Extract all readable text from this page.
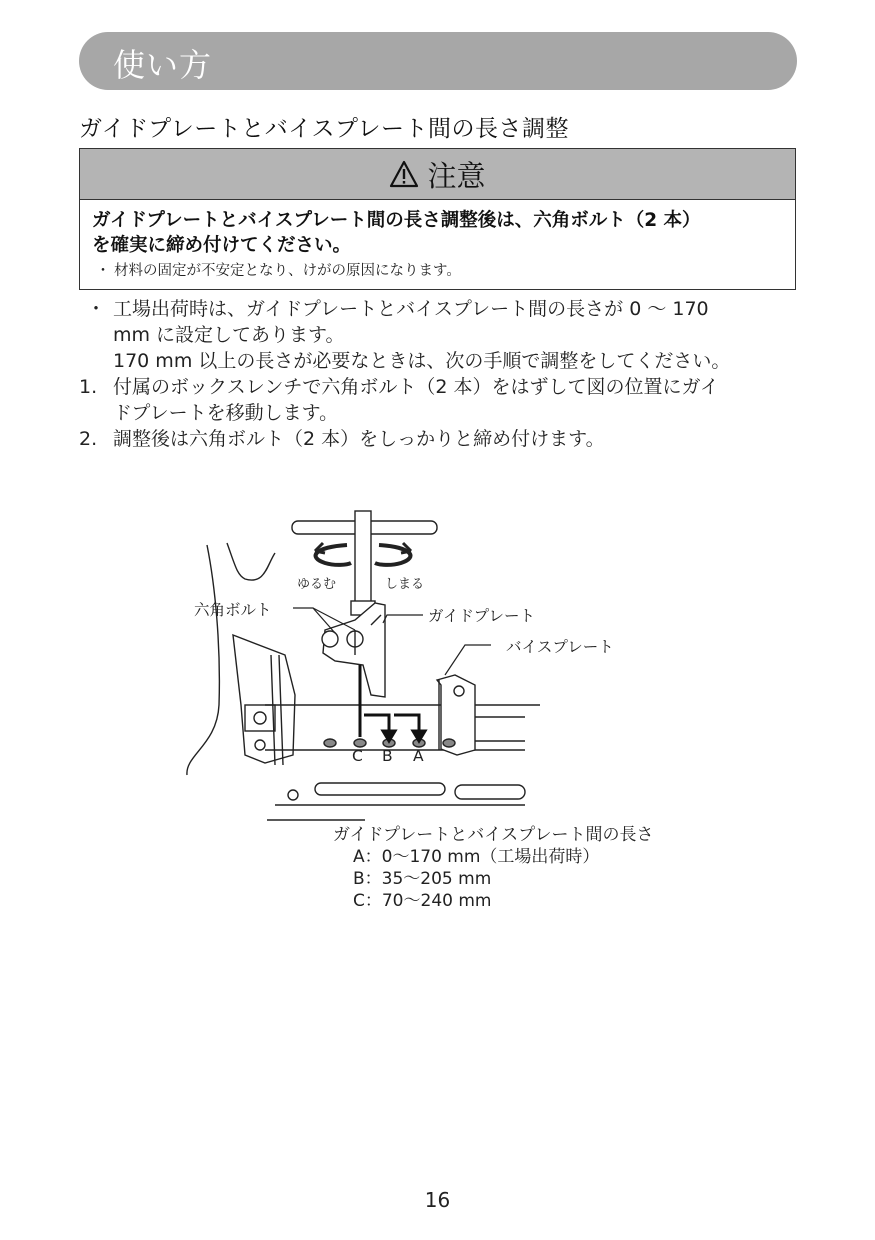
使い方
ガイドプレートとバイスプレート間の長さ調整
注意
ガイドプレートとバイスプレート間の長さ調整後は、六角ボルト（2 本）
を確実に締め付けてください。
・ 材料の固定が不安定となり、けがの原因になります。
・ 工場出荷時は、ガイドプレートとバイスプレート間の長さが 0 ～ 170
mm に設定してあります。
170 mm 以上の長さが必要なときは、次の手順で調整をしてください。
1. 付属のボックスレンチで六角ボルト（2 本）をはずして図の位置にガイ
ドプレートを移動します。
2. 調整後は六角ボルト（2 本）をしっかりと締め付けます。
ゆるむ	しまる
六角ボルト	ガイドプレート
バイスプレート
C B A
ガイドプレートとバイスプレート間の長さ
A：0～170 mm（工場出荷時）
B：35～205 mm
C：70～240 mm
16
